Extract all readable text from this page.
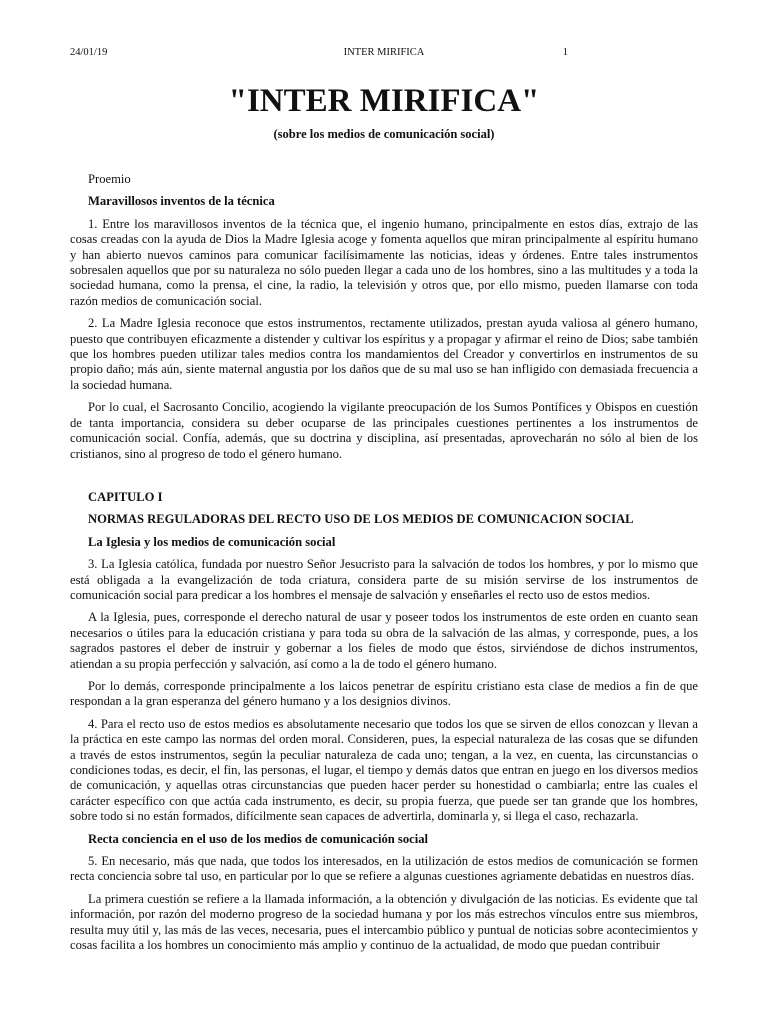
24/01/19	INTER MIRIFICA	1
"INTER MIRIFICA"

(sobre los medios de comunicación social)

Proemio

Maravillosos inventos de la técnica

1. Entre los maravillosos inventos de la técnica que, el ingenio humano, principalmente en estos días, extrajo de las cosas creadas con la ayuda de Dios la Madre Iglesia acoge y fomenta aquellos que miran principalmente al espíritu humano y han abierto nuevos caminos para comunicar facilísimamente las noticias, ideas y órdenes. Entre tales instrumentos sobresalen aquellos que por su naturaleza no sólo pueden llegar a cada uno de los hombres, sino a las multitudes y a toda la sociedad humana, como la prensa, el cine, la radio, la televisión y otros que, por ello mismo, pueden llamarse con toda razón medios de comunicación social.

2. La Madre Iglesia reconoce que estos instrumentos, rectamente utilizados, prestan ayuda valiosa al género humano, puesto que contribuyen eficazmente a distender y cultivar los espíritus y a propagar y afirmar el reino de Dios; sabe también que los hombres pueden utilizar tales medios contra los mandamientos del Creador y convertirlos en instrumentos de su propio daño; más aún, siente maternal angustia por los daños que de su mal uso se han infligido con demasiada frecuencia a la sociedad humana.

Por lo cual, el Sacrosanto Concilio, acogiendo la vigilante preocupación de los Sumos Pontífices y Obispos en cuestión de tanta importancia, considera su deber ocuparse de las principales cuestiones pertinentes a los instrumentos de comunicación social. Confía, además, que su doctrina y disciplina, así presentadas, aprovecharán no sólo al bien de los cristianos, sino al progreso de todo el género humano.

CAPITULO I

NORMAS REGULADORAS DEL RECTO USO DE LOS MEDIOS DE COMUNICACION SOCIAL

La Iglesia y los medios de comunicación social

3. La Iglesia católica, fundada por nuestro Señor Jesucristo para la salvación de todos los hombres, y por lo mismo que está obligada a la evangelización de toda criatura, considera parte de su misión servirse de los instrumentos de comunicación social para predicar a los hombres el mensaje de salvación y enseñarles el recto uso de estos medios.

A la Iglesia, pues, corresponde el derecho natural de usar y poseer todos los instrumentos de este orden en cuanto sean necesarios o útiles para la educación cristiana y para toda su obra de la salvación de las almas, y corresponde, pues, a los sagrados pastores el deber de instruir y gobernar a los fieles de modo que éstos, sirviéndose de dichos instrumentos, atiendan a su propia perfección y salvación, así como a la de todo el género humano.

Por lo demás, corresponde principalmente a los laicos penetrar de espíritu cristiano esta clase de medios a fin de que respondan a la gran esperanza del género humano y a los designios divinos.

4. Para el recto uso de estos medios es absolutamente necesario que todos los que se sirven de ellos conozcan y llevan a la práctica en este campo las normas del orden moral. Consideren, pues, la especial naturaleza de las cosas que se difunden a través de estos instrumentos, según la peculiar naturaleza de cada uno; tengan, a la vez, en cuenta, las circunstancias o condiciones todas, es decir, el fin, las personas, el lugar, el tiempo y demás datos que entran en juego en los diversos medios de comunicación, y aquellas otras circunstancias que pueden hacer perder su honestidad o cambiarla; entre las cuales el carácter específico con que actúa cada instrumento, es decir, su propia fuerza, que puede ser tan grande que los hombres, sobre todo si no están formados, difícilmente sean capaces de advertirla, dominarla y, si llega el caso, rechazarla.

Recta conciencia en el uso de los medios de comunicación social

5. En necesario, más que nada, que todos los interesados, en la utilización de estos medios de comunicación se formen recta conciencia sobre tal uso, en particular por lo que se refiere a algunas cuestiones agriamente debatidas en nuestros días.

La primera cuestión se refiere a la llamada información, a la obtención y divulgación de las noticias. Es evidente que tal información, por razón del moderno progreso de la sociedad humana y por los más estrechos vínculos entre sus miembros, resulta muy útil y, las más de las veces, necesaria, pues el intercambio público y puntual de noticias sobre acontecimientos y cosas facilita a los hombres un conocimiento más amplio y continuo de la actualidad, de modo que puedan contribuir
